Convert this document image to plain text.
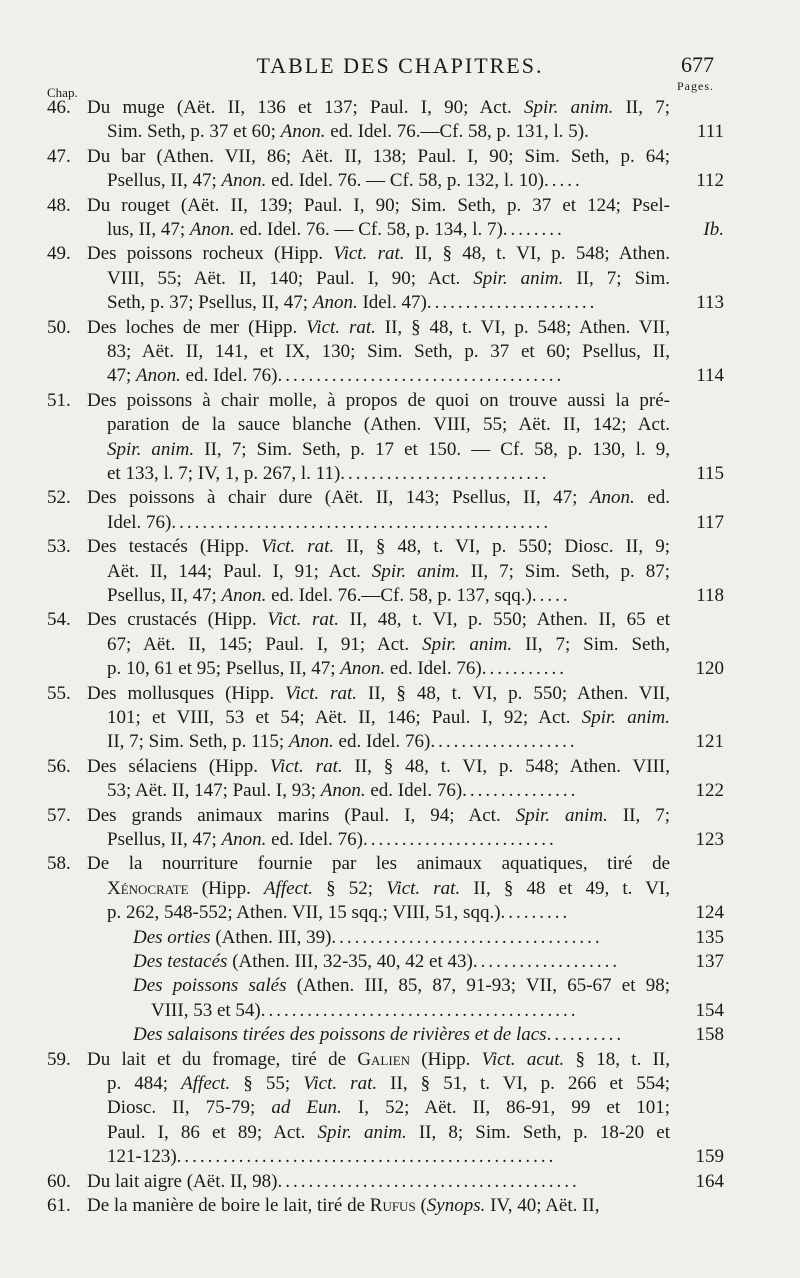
TABLE DES CHAPITRES.	677
Chap.	Pages.
46. Du muge (Aët. II, 136 et 137; Paul. I, 90; Act. Spir. anim. II, 7;
Sim. Seth, p. 37 et 60; Anon. ed. Idel. 76.—Cf. 58, p. 131, l. 5).	111
47. Du bar (Athen. VII, 86; Aët. II, 138; Paul. I, 90; Sim. Seth, p. 64;
Psellus, II, 47; Anon. ed. Idel. 76. — Cf. 58, p. 132, l. 10).....	112
48. Du rouget (Aët. II, 139; Paul. I, 90; Sim. Seth, p. 37 et 124; Psel-
lus, II, 47; Anon. ed. Idel. 76. — Cf. 58, p. 134, l. 7)........	Ib.
49. Des poissons rocheux (Hipp. Vict. rat. II, § 48, t. VI, p. 548; Athen.
VIII, 55; Aët. II, 140; Paul. I, 90; Act. Spir. anim. II, 7; Sim.
Seth, p. 37; Psellus, II, 47; Anon. Idel. 47)......................	113
50. Des loches de mer (Hipp. Vict. rat. II, § 48, t. VI, p. 548; Athen. VII,
83; Aët. II, 141, et IX, 130; Sim. Seth, p. 37 et 60; Psellus, II,
47; Anon. ed. Idel. 76).....................................	114
51. Des poissons à chair molle, à propos de quoi on trouve aussi la pré-
paration de la sauce blanche (Athen. VIII, 55; Aët. II, 142; Act.
Spir. anim. II, 7; Sim. Seth, p. 17 et 150. — Cf. 58, p. 130, l. 9,
et 133, l. 7; IV, 1, p. 267, l. 11)...........................	115
52. Des poissons à chair dure (Aët. II, 143; Psellus, II, 47; Anon. ed.
Idel. 76).................................................	117
53. Des testacés (Hipp. Vict. rat. II, § 48, t. VI, p. 550; Diosc. II, 9;
Aët. II, 144; Paul. I, 91; Act. Spir. anim. II, 7; Sim. Seth, p. 87;
Psellus, II, 47; Anon. ed. Idel. 76.—Cf. 58, p. 137, sqq.).....	118
54. Des crustacés (Hipp. Vict. rat. II, 48, t. VI, p. 550; Athen. II, 65 et
67; Aët. II, 145; Paul. I, 91; Act. Spir. anim. II, 7; Sim. Seth,
p. 10, 61 et 95; Psellus, II, 47; Anon. ed. Idel. 76)...........	120
55. Des mollusques (Hipp. Vict. rat. II, § 48, t. VI, p. 550; Athen. VII,
101; et VIII, 53 et 54; Aët. II, 146; Paul. I, 92; Act. Spir. anim.
II, 7; Sim. Seth, p. 115; Anon. ed. Idel. 76)...................	121
56. Des sélaciens (Hipp. Vict. rat. II, § 48, t. VI, p. 548; Athen. VIII,
53; Aët. II, 147; Paul. I, 93; Anon. ed. Idel. 76)...............	122
57. Des grands animaux marins (Paul. I, 94; Act. Spir. anim. II, 7;
Psellus, II, 47; Anon. ed. Idel. 76).........................	123
58. De la nourriture fournie par les animaux aquatiques, tiré de
Xénocrate (Hipp. Affect. § 52; Vict. rat. II, § 48 et 49, t. VI,
p. 262, 548-552; Athen. VII, 15 sqq.; VIII, 51, sqq.).........	124
Des orties (Athen. III, 39)...................................	135
Des testacés (Athen. III, 32-35, 40, 42 et 43)...................	137
Des poissons salés (Athen. III, 85, 87, 91-93; VII, 65-67 et 98;
VIII, 53 et 54).........................................	154
Des salaisons tirées des poissons de rivières et de lacs..........	158
59. Du lait et du fromage, tiré de Galien (Hipp. Vict. acut. § 18, t. II,
p. 484; Affect. § 55; Vict. rat. II, § 51, t. VI, p. 266 et 554;
Diosc. II, 75-79; ad Eun. I, 52; Aët. II, 86-91, 99 et 101;
Paul. I, 86 et 89; Act. Spir. anim. II, 8; Sim. Seth, p. 18-20 et
121-123).................................................	159
60. Du lait aigre (Aët. II, 98).......................................	164
61. De la manière de boire le lait, tiré de Rufus (Synops. IV, 40; Aët. II,
